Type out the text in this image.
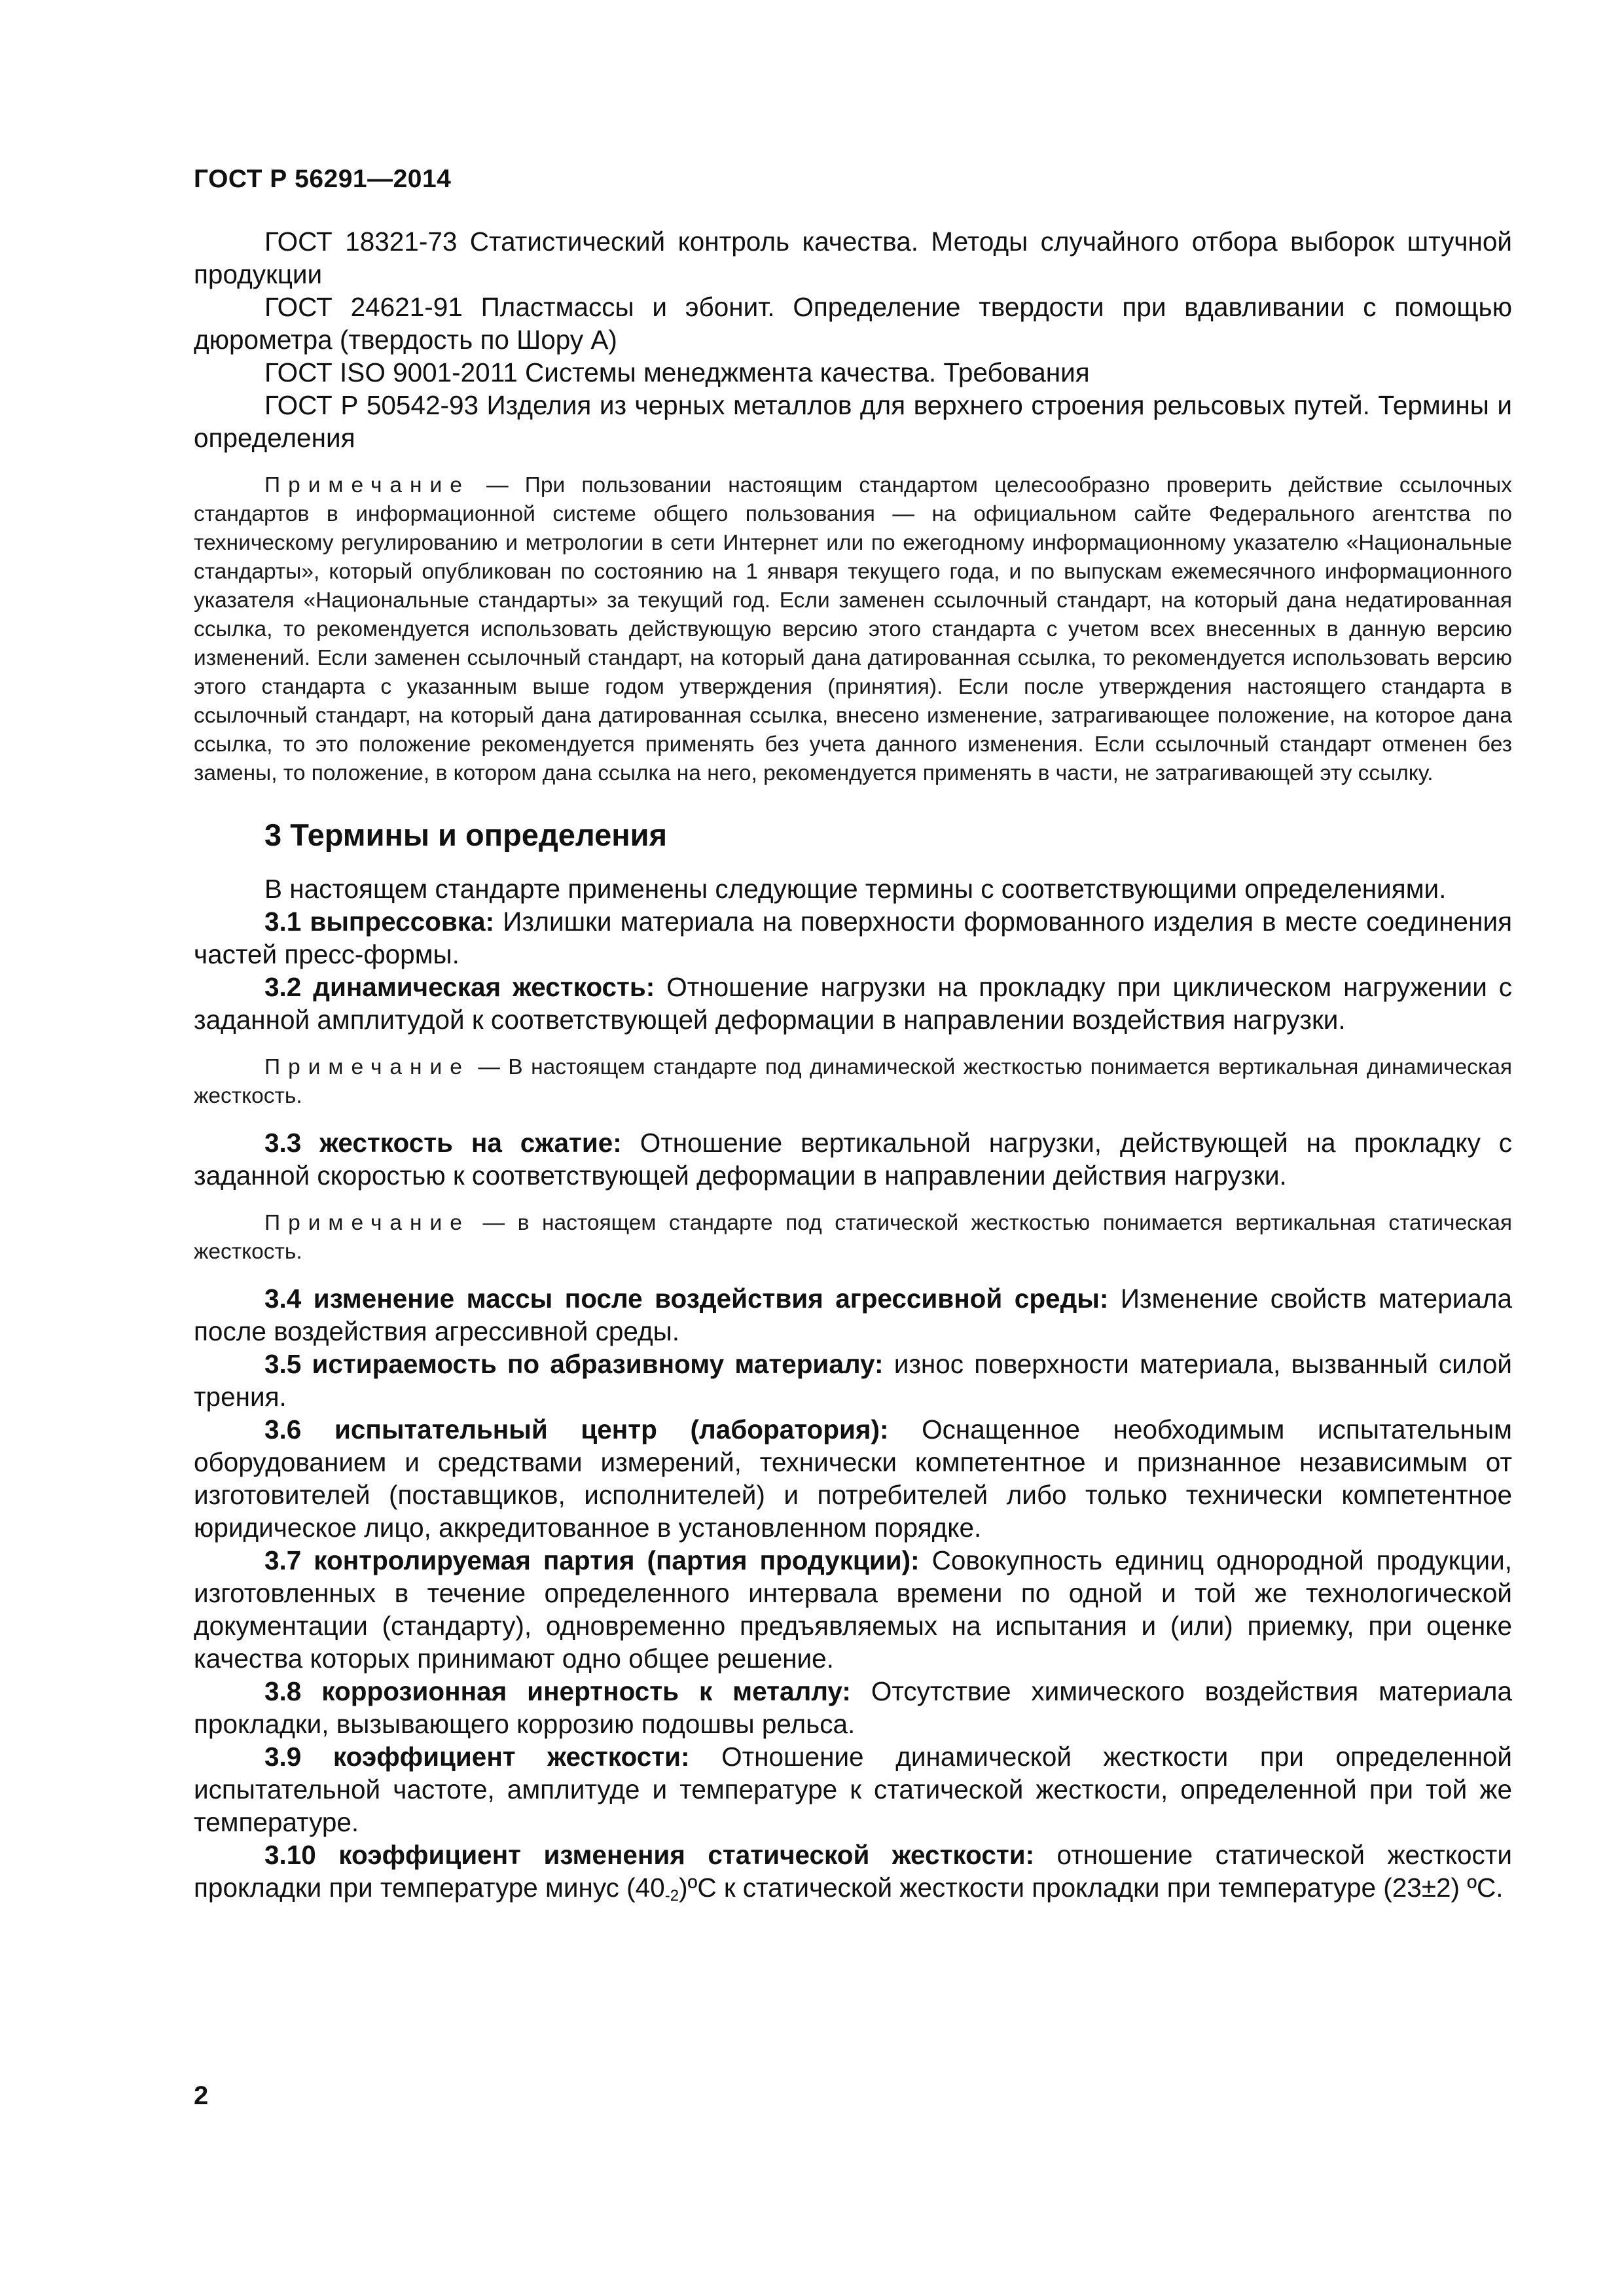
ГОСТ Р 56291—2014

ГОСТ 18321-73 Статистический контроль качества. Методы случайного отбора выборок штучной продукции

ГОСТ 24621-91 Пластмассы и эбонит. Определение твердости при вдавливании с помощью дюрометра (твердость по Шору А)

ГОСТ ISO 9001-2011 Системы менеджмента качества. Требования

ГОСТ Р 50542-93 Изделия из черных металлов для верхнего строения рельсовых путей. Термины и определения

Примечание — При пользовании настоящим стандартом целесообразно проверить действие ссылочных стандартов в информационной системе общего пользования — на официальном сайте Федерального агентства по техническому регулированию и метрологии в сети Интернет или по ежегодному информационному указателю «Национальные стандарты», который опубликован по состоянию на 1 января текущего года, и по выпускам ежемесячного информационного указателя «Национальные стандарты» за текущий год. Если заменен ссылочный стандарт, на который дана недатированная ссылка, то рекомендуется использовать действующую версию этого стандарта с учетом всех внесенных в данную версию изменений. Если заменен ссылочный стандарт, на который дана датированная ссылка, то рекомендуется использовать версию этого стандарта с указанным выше годом утверждения (принятия). Если после утверждения настоящего стандарта в ссылочный стандарт, на который дана датированная ссылка, внесено изменение, затрагивающее положение, на которое дана ссылка, то это положение рекомендуется применять без учета данного изменения. Если ссылочный стандарт отменен без замены, то положение, в котором дана ссылка на него, рекомендуется применять в части, не затрагивающей эту ссылку.

3 Термины и определения

В настоящем стандарте применены следующие термины с соответствующими определениями.

3.1 выпрессовка: Излишки материала на поверхности формованного изделия в месте соединения частей пресс-формы.

3.2 динамическая жесткость: Отношение нагрузки на прокладку при циклическом нагружении с заданной амплитудой к соответствующей деформации в направлении воздействия нагрузки.

Примечание — В настоящем стандарте под динамической жесткостью понимается вертикальная динамическая жесткость.

3.3 жесткость на сжатие: Отношение вертикальной нагрузки, действующей на прокладку с заданной скоростью к соответствующей деформации в направлении действия нагрузки.

Примечание — в настоящем стандарте под статической жесткостью понимается вертикальная статическая жесткость.

3.4 изменение массы после воздействия агрессивной среды: Изменение свойств материала после воздействия агрессивной среды.

3.5 истираемость по абразивному материалу: износ поверхности материала, вызванный силой трения.

3.6 испытательный центр (лаборатория): Оснащенное необходимым испытательным оборудованием и средствами измерений, технически компетентное и признанное независимым от изготовителей (поставщиков, исполнителей) и потребителей либо только технически компетентное юридическое лицо, аккредитованное в установленном порядке.

3.7 контролируемая партия (партия продукции): Совокупность единиц однородной продукции, изготовленных в течение определенного интервала времени по одной и той же технологической документации (стандарту), одновременно предъявляемых на испытания и (или) приемку, при оценке качества которых принимают одно общее решение.

3.8 коррозионная инертность к металлу: Отсутствие химического воздействия материала прокладки, вызывающего коррозию подошвы рельса.

3.9 коэффициент жесткости: Отношение динамической жесткости при определенной испытательной частоте, амплитуде и температуре к статической жесткости, определенной при той же температуре.

3.10 коэффициент изменения статической жесткости: отношение статической жесткости прокладки при температуре минус $(40_{-2})ºC$ к статической жесткости прокладки при температуре (23±2) ºC.

2
